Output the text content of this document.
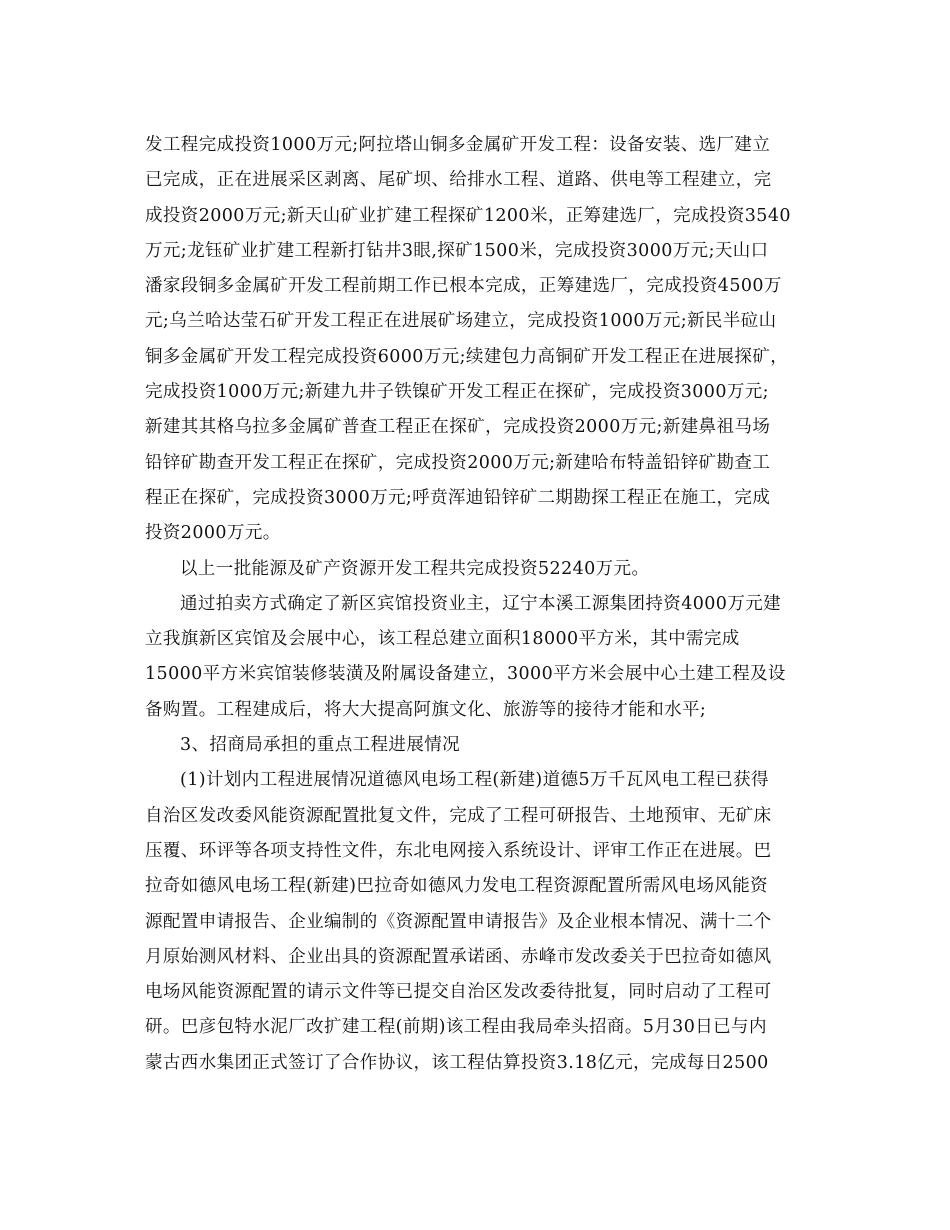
发工程完成投资1000万元;阿拉塔山铜多金属矿开发工程：设备安装、选厂建立
已完成，正在进展采区剥离、尾矿坝、给排水工程、道路、供电等工程建立，完
成投资2000万元;新天山矿业扩建工程探矿1200米，正筹建选厂，完成投资3540
万元;龙钰矿业扩建工程新打钻井3眼,探矿1500米，完成投资3000万元;天山口
潘家段铜多金属矿开发工程前期工作已根本完成，正筹建选厂，完成投资4500万
元;乌兰哈达莹石矿开发工程正在进展矿场建立，完成投资1000万元;新民半砬山
铜多金属矿开发工程完成投资6000万元;续建包力高铜矿开发工程正在进展探矿，
完成投资1000万元;新建九井子铁镍矿开发工程正在探矿，完成投资3000万元;
新建其其格乌拉多金属矿普查工程正在探矿，完成投资2000万元;新建鼻祖马场
铅锌矿勘查开发工程正在探矿，完成投资2000万元;新建哈布特盖铅锌矿勘查工
程正在探矿，完成投资3000万元;呼贲浑迪铅锌矿二期勘探工程正在施工，完成
投资2000万元。
以上一批能源及矿产资源开发工程共完成投资52240万元。
通过拍卖方式确定了新区宾馆投资业主，辽宁本溪工源集团持资4000万元建
立我旗新区宾馆及会展中心，该工程总建立面积18000平方米，其中需完成
15000平方米宾馆装修装潢及附属设备建立，3000平方米会展中心土建工程及设
备购置。工程建成后，将大大提高阿旗文化、旅游等的接待才能和水平;
3、招商局承担的重点工程进展情况
(1)计划内工程进展情况道德风电场工程(新建)道德5万千瓦风电工程已获得
自治区发改委风能资源配置批复文件，完成了工程可研报告、土地预审、无矿床
压覆、环评等各项支持性文件，东北电网接入系统设计、评审工作正在进展。巴
拉奇如德风电场工程(新建)巴拉奇如德风力发电工程资源配置所需风电场风能资
源配置申请报告、企业编制的《资源配置申请报告》及企业根本情况、满十二个
月原始测风材料、企业出具的资源配置承诺函、赤峰市发改委关于巴拉奇如德风
电场风能资源配置的请示文件等已提交自治区发改委待批复，同时启动了工程可
研。巴彦包特水泥厂改扩建工程(前期)该工程由我局牵头招商。5月30日已与内
蒙古西水集团正式签订了合作协议，该工程估算投资3.18亿元，完成每日2500
